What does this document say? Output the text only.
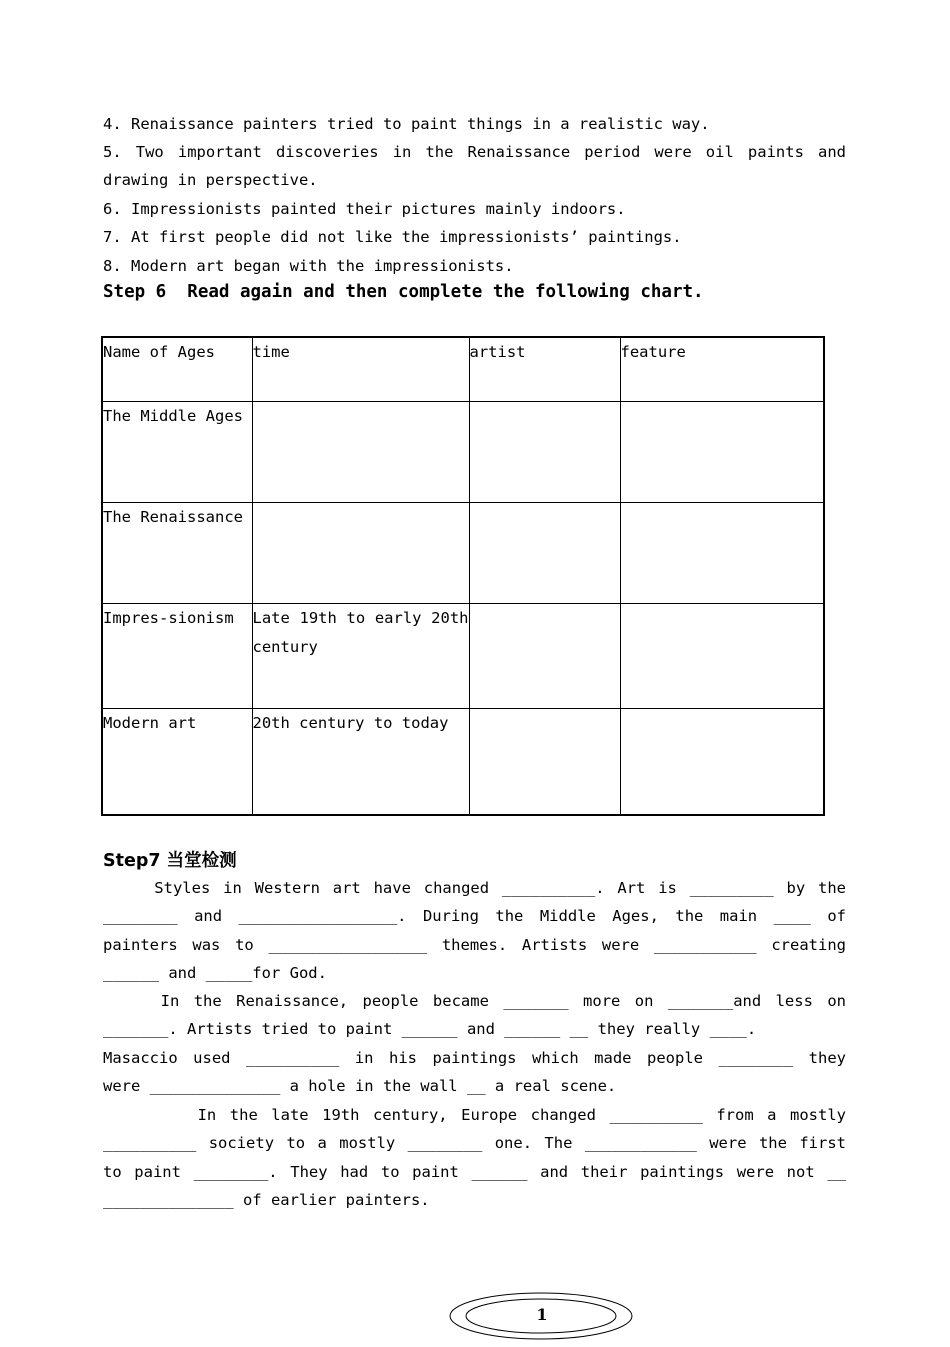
4. Renaissance painters tried to paint things in a realistic way.

5. Two important discoveries in the Renaissance period were oil paints and drawing in perspective.

6. Impressionists painted their pictures mainly indoors.

7. At first people did not like the impressionists’ paintings.

8. Modern art began with the impressionists.

Step 6  Read again and then complete the following chart.

Name of Ages	time	artist	feature
The Middle Ages			
The Renaissance			
Impres-sionism	Late 19th to early 20th century		
Modern art	20th century to today		

Step7 当堂检测

Styles in Western art have changed __________. Art is _________ by the
________ and _________________. During the Middle Ages, the main ____ of
painters was to _________________ themes. Artists were ___________ creating
______ and _____for God.
In the Renaissance, people became _______ more on _______and less on
_______. Artists tried to paint ______ and ______ __ they really ____.
Masaccio used __________ in his paintings which made people ________ they
were ______________ a hole in the wall __ a real scene.
In the late 19th century, Europe changed __________ from a mostly
__________ society to a mostly ________ one. The ____________ were the first
to paint ________. They had to paint ______ and their paintings were not __
______________ of earlier painters.
1
